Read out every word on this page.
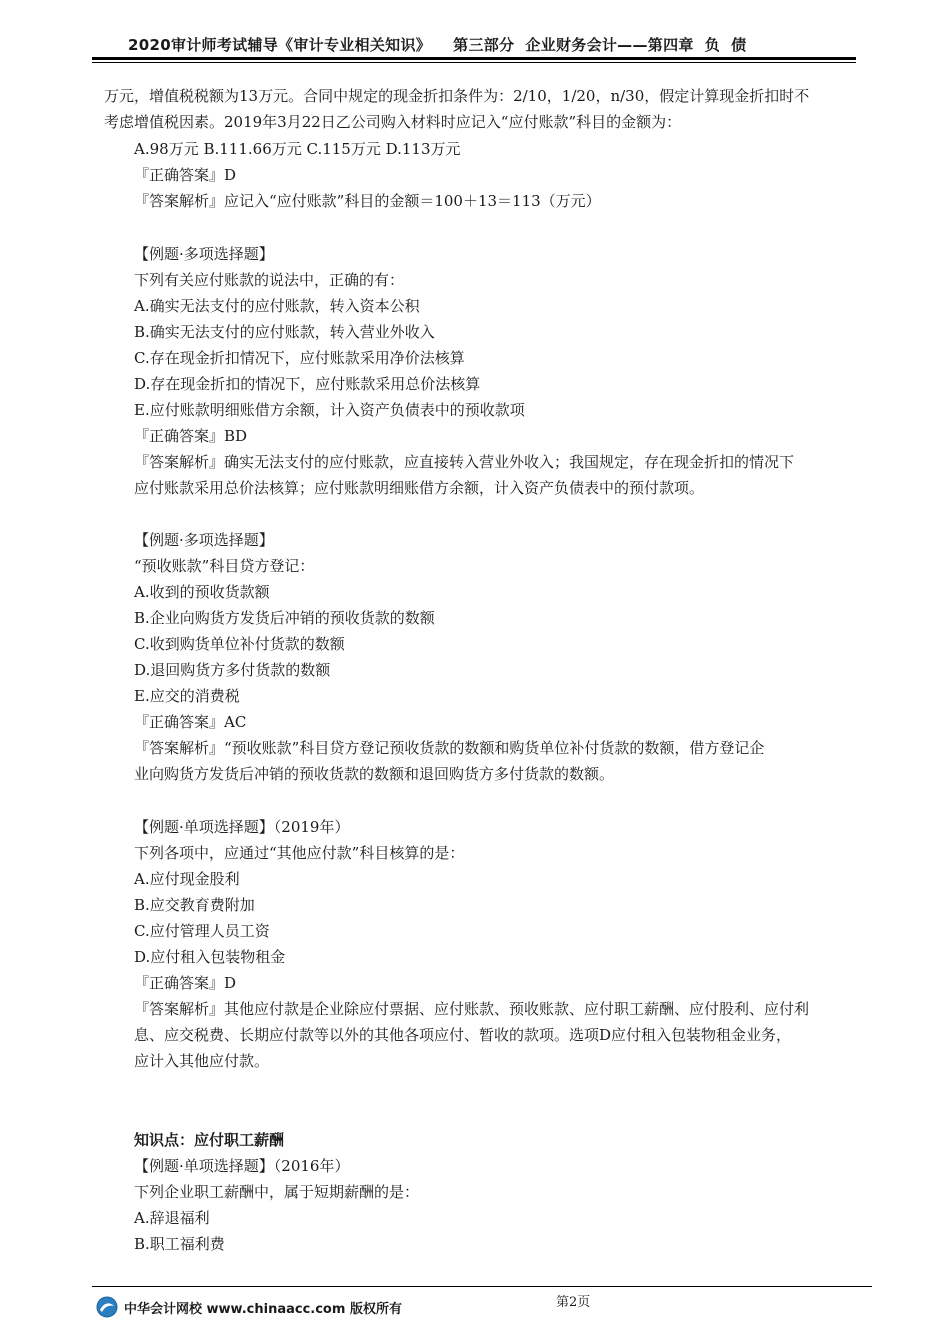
2020审计师考试辅导《审计专业相关知识》    第三部分  企业财务会计——第四章  负  债
万元，增值税税额为13万元。合同中规定的现金折扣条件为：2/10，1/20，n/30，假定计算现金折扣时不
考虑增值税因素。2019年3月22日乙公司购入材料时应记入“应付账款”科目的金额为：
A.98万元 B.111.66万元 C.115万元 D.113万元
『正确答案』D
『答案解析』应记入“应付账款”科目的金额＝100＋13＝113（万元）
【例题·多项选择题】
下列有关应付账款的说法中，正确的有：
A.确实无法支付的应付账款，转入资本公积
B.确实无法支付的应付账款，转入营业外收入
C.存在现金折扣情况下，应付账款采用净价法核算
D.存在现金折扣的情况下，应付账款采用总价法核算
E.应付账款明细账借方余额，计入资产负债表中的预收款项
『正确答案』BD
『答案解析』确实无法支付的应付账款，应直接转入营业外收入；我国规定，存在现金折扣的情况下
应付账款采用总价法核算；应付账款明细账借方余额，计入资产负债表中的预付款项。
【例题·多项选择题】
“预收账款”科目贷方登记：
A.收到的预收货款额
B.企业向购货方发货后冲销的预收货款的数额
C.收到购货单位补付货款的数额
D.退回购货方多付货款的数额
E.应交的消费税
『正确答案』AC
『答案解析』“预收账款”科目贷方登记预收货款的数额和购货单位补付货款的数额，借方登记企
业向购货方发货后冲销的预收货款的数额和退回购货方多付货款的数额。
【例题·单项选择题】（2019年）
下列各项中，应通过“其他应付款”科目核算的是：
A.应付现金股利
B.应交教育费附加
C.应付管理人员工资
D.应付租入包装物租金
『正确答案』D
『答案解析』其他应付款是企业除应付票据、应付账款、预收账款、应付职工薪酬、应付股利、应付利
息、应交税费、长期应付款等以外的其他各项应付、暂收的款项。选项D应付租入包装物租金业务，
应计入其他应付款。
知识点：应付职工薪酬
【例题·单项选择题】（2016年）
下列企业职工薪酬中，属于短期薪酬的是：
A.辞退福利
B.职工福利费
中华会计网校 www.chinaacc.com 版权所有	第2页
